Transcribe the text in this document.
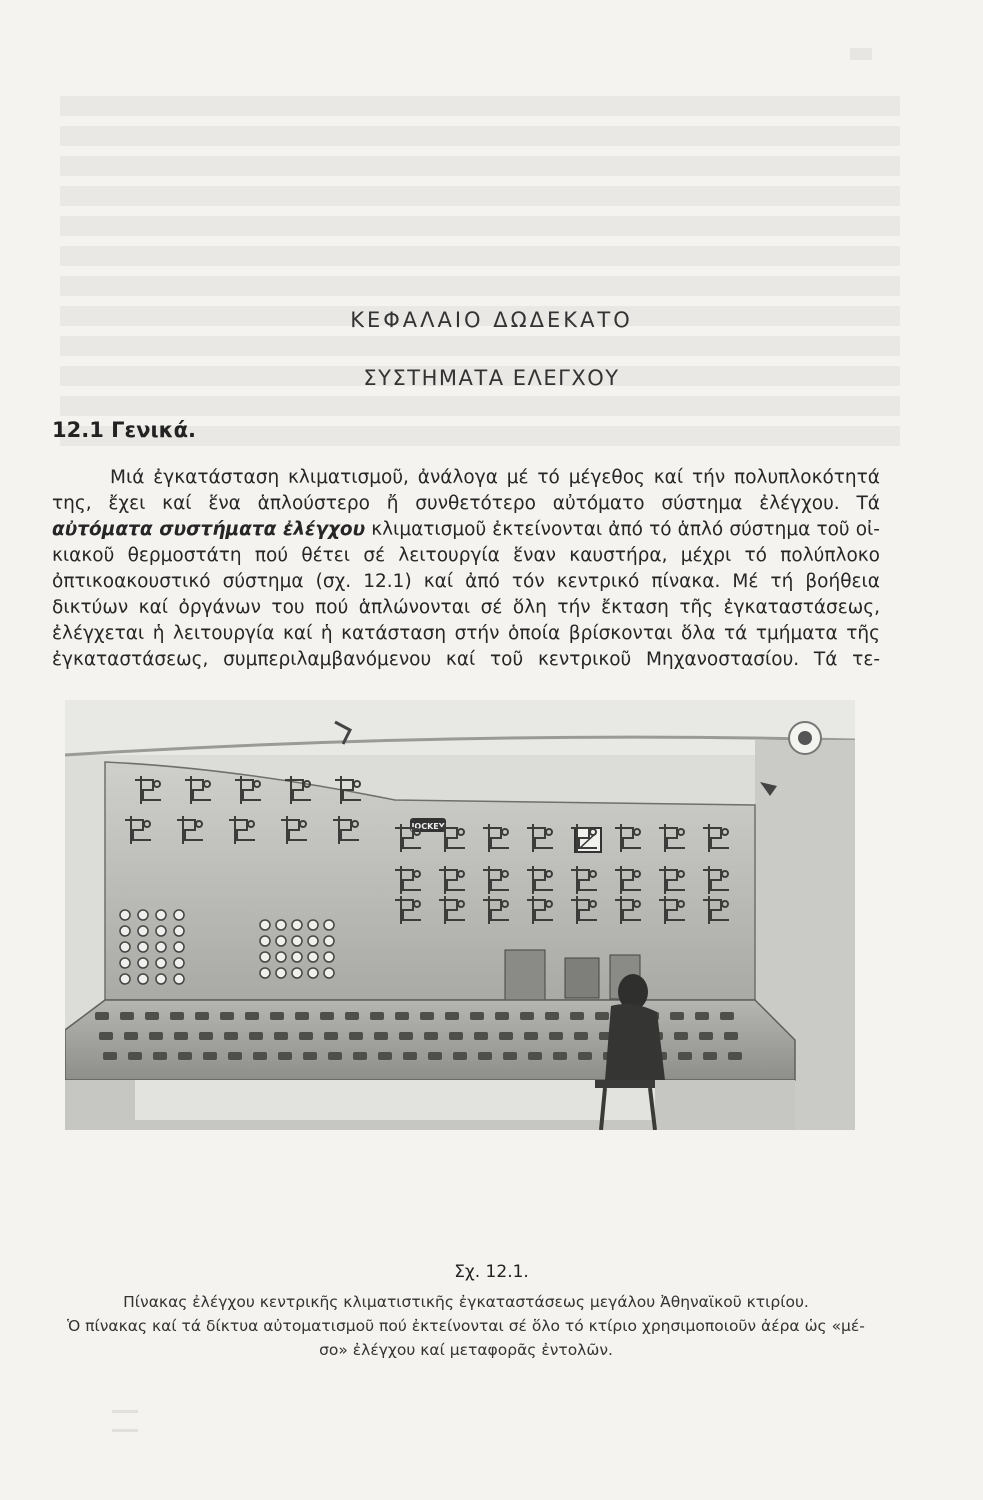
ΚΕΦΑΛΑΙΟ ΔΩΔΕΚΑΤΟ
ΣΥΣΤΗΜΑΤΑ ΕΛΕΓΧΟΥ
12.1 Γενικά.
Μιά ἐγκατάσταση κλιματισμοῦ, ἀνάλογα μέ τό μέγεθος καί τήν πολυπλοκότητά
της, ἔχει καί ἕνα ἁπλούστερο ἤ συνθετότερο αὐτόματο σύστημα ἐλέγχου. Τά
αὐτόματα συστήματα ἐλέγχου κλιματισμοῦ ἐκτείνονται ἀπό τό ἁπλό σύστημα τοῦ οἰ-
κιακοῦ θερμοστάτη πού θέτει σέ λειτουργία ἕναν καυστήρα, μέχρι τό πολύπλοκο
ὀπτικοακουστικό σύστημα (σχ. 12.1) καί ἀπό τόν κεντρικό πίνακα. Μέ τή βοήθεια
δικτύων καί ὀργάνων του πού ἁπλώνονται σέ ὅλη τήν ἔκταση τῆς ἐγκαταστάσεως,
ἐλέγχεται ἡ λειτουργία καί ἡ κατάσταση στήν ὁποία βρίσκονται ὅλα τά τμήματα τῆς
ἐγκαταστάσεως, συμπεριλαμβανόμενου καί τοῦ κεντρικοῦ Μηχανοστασίου. Τά τε-
JOCKEY
Σχ. 12.1.
Πίνακας ἐλέγχου κεντρικῆς κλιματιστικῆς ἐγκαταστάσεως μεγάλου Ἀθηναϊκοῦ κτιρίου.
Ὁ πίνακας καί τά δίκτυα αὐτοματισμοῦ πού ἐκτείνονται σέ ὅλο τό κτίριο χρησιμοποιοῦν ἀέρα ὡς «μέ-
σο» ἐλέγχου καί μεταφορᾶς ἐντολῶν.
